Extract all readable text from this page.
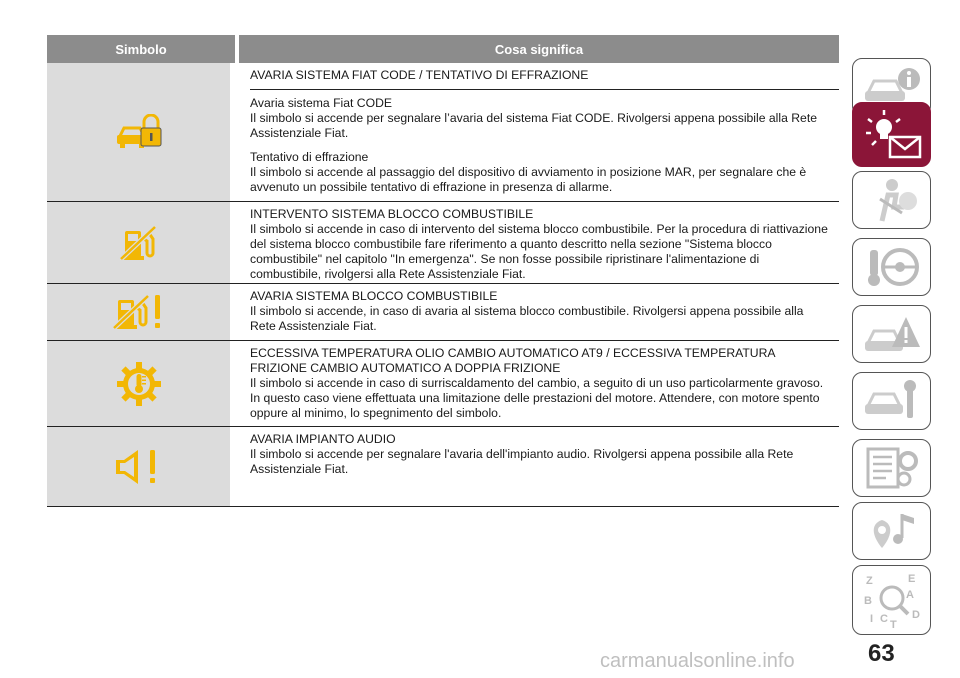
Simbolo	Cosa significa

AVARIA SISTEMA FIAT CODE / TENTATIVO DI EFFRAZIONE

Avaria sistema Fiat CODE

Il simbolo si accende per segnalare l’avaria del sistema Fiat CODE. Rivolgersi appena possibile alla Rete Assistenziale Fiat.

Tentativo di effrazione

Il simbolo si accende al passaggio del dispositivo di avviamento in posizione MAR, per segnalare che è avvenuto un possibile tentativo di effrazione in presenza di allarme.

INTERVENTO SISTEMA BLOCCO COMBUSTIBILE

Il simbolo si accende in caso di intervento del sistema blocco combustibile. Per la procedura di riattivazione del sistema blocco combustibile fare riferimento a quanto descritto nella sezione "Sistema blocco combustibile" nel capitolo "In emergenza". Se non fosse possibile ripristinare l'alimentazione di combustibile, rivolgersi alla Rete Assistenziale Fiat.

AVARIA SISTEMA BLOCCO COMBUSTIBILE

Il simbolo si accende, in caso di avaria al sistema blocco combustibile. Rivolgersi appena possibile alla Rete Assistenziale Fiat.

ECCESSIVA TEMPERATURA OLIO CAMBIO AUTOMATICO AT9 / ECCESSIVA TEMPERATURA FRIZIONE CAMBIO AUTOMATICO A DOPPIA FRIZIONE

Il simbolo si accende in caso di surriscaldamento del cambio, a seguito di un uso particolarmente gravoso. In questo caso viene effettuata una limitazione delle prestazioni del motore. Attendere, con motore spento oppure al minimo, lo spegnimento del simbolo.

AVARIA IMPIANTO AUDIO

Il simbolo si accende per segnalare l'avaria dell'impianto audio. Rivolgersi appena possibile alla Rete Assistenziale Fiat.

Z	E
B	A
I C T
D
63
carmanualsonline.info
